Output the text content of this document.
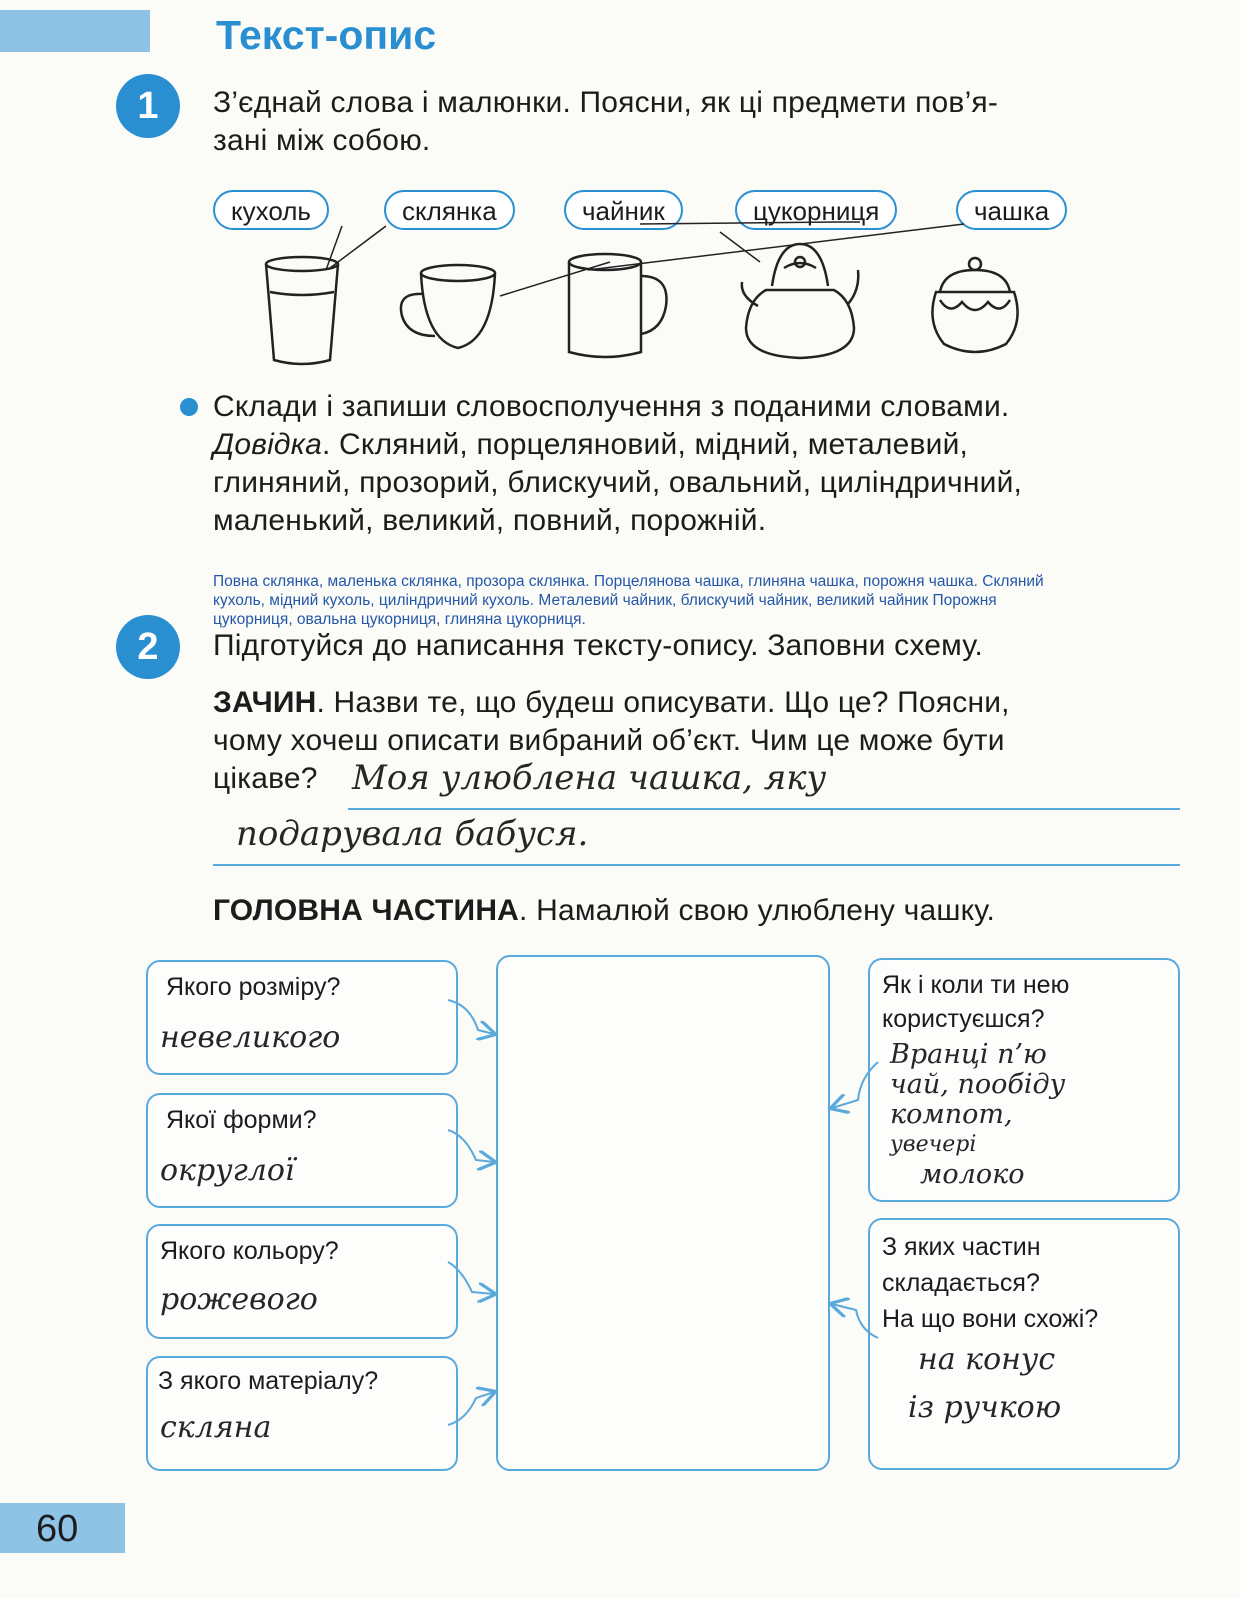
Текст-опис
1	З’єднай слова і малюнки. Поясни, як ці предмети пов’я-
зані між собою.
кухоль	склянка	чайник	цукорниця	чашка
Склади і запиши словосполучення з поданими словами.
Довідка. Скляний, порцеляновий, мідний, металевий,
глиняний, прозорий, блискучий, овальний, циліндричний,
маленький, великий, повний, порожній.
Повна склянка, маленька склянка, прозора склянка. Порцелянова чашка, глиняна чашка, порожня чашка. Скляний
кухоль, мідний кухоль, циліндричний кухоль. Металевий чайник, блискучий чайник, великий чайник Порожня
цукорниця, овальна цукорниця, глиняна цукорниця.
2	Підготуйся до написання тексту-опису. Заповни схему.
ЗАЧИН. Назви те, що будеш описувати. Що це? Поясни,
чому хочеш описати вибраний об’єкт. Чим це може бути
цікаве?	Моя улюблена чашка, яку
подарувала бабуся.
ГОЛОВНА ЧАСТИНА. Намалюй свою улюблену чашку.
Якого розміру?
невеликого
Якої форми?
округлої
Якого кольору?
рожевого
З якого матеріалу?
скляна
Як і коли ти нею
користуєшся?
Вранці п’ю
чай, пообіду
компот,
увечері
молоко
З яких частин
складається?
На що вони схожі?
на конус
із ручкою
60
